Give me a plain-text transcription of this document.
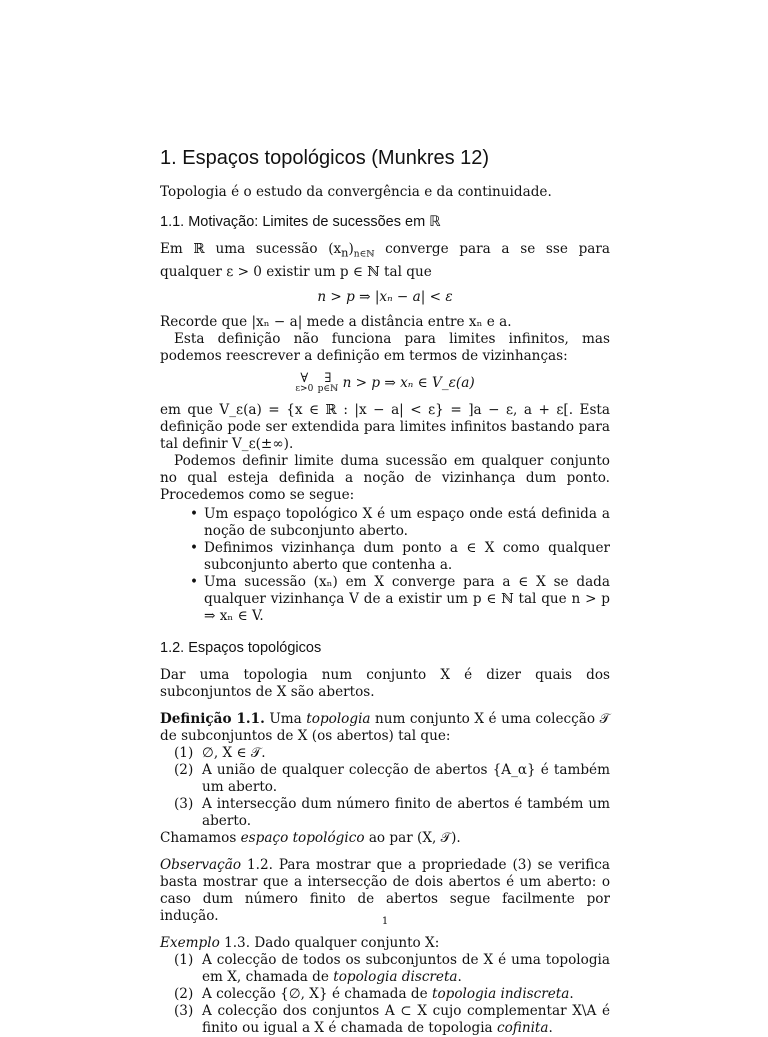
1. Espaços topológicos (Munkres 12)

Topologia é o estudo da convergência e da continuidade.

1.1. Motivação: Limites de sucessões em ℝ

Em ℝ uma sucessão $(x_n)_{n\in ℕ}$ converge para a se sse para qualquer ε > 0 existir um p ∈ ℕ tal que

n > p ⇒ |xₙ − a| < ε

Recorde que |xₙ − a| mede a distância entre xₙ e a.

Esta definição não funciona para limites infinitos, mas podemos reescrever a definição em termos de vizinhanças:

∀
ε>0
∃
p∈ℕ n > p ⇒ xₙ ∈ V_ε(a)

em que V_ε(a) = {x ∈ ℝ : |x − a| < ε} = ]a − ε, a + ε[. Esta definição pode ser extendida para limites infinitos bastando para tal definir V_ε(±∞).

Podemos definir limite duma sucessão em qualquer conjunto no qual esteja definida a noção de vizinhança dum ponto. Procedemos como se segue:

• Um espaço topológico X é um espaço onde está definida a noção de subconjunto aberto.
• Definimos vizinhança dum ponto a ∈ X como qualquer subconjunto aberto que contenha a.
• Uma sucessão (xₙ) em X converge para a ∈ X se dada qualquer vizinhança V de a existir um p ∈ ℕ tal que n > p ⇒ xₙ ∈ V.
1.2. Espaços topológicos

Dar uma topologia num conjunto X é dizer quais dos subconjuntos de X são abertos.

Definição 1.1. Uma topologia num conjunto X é uma colecção 𝒯 de subconjuntos de X (os abertos) tal que:

(1) ∅, X ∈ 𝒯.
(2) A união de qualquer colecção de abertos {A_α} é também um aberto.
(3) A intersecção dum número finito de abertos é também um aberto.

Chamamos espaço topológico ao par (X, 𝒯).

Observação 1.2. Para mostrar que a propriedade (3) se verifica basta mostrar que a intersecção de dois abertos é um aberto: o caso dum número finito de abertos segue facilmente por indução.

Exemplo 1.3. Dado qualquer conjunto X:

(1) A colecção de todos os subconjuntos de X é uma topologia em X, chamada de topologia discreta.
(2) A colecção {∅, X} é chamada de topologia indiscreta.
(3) A colecção dos conjuntos A ⊂ X cujo complementar X\A é finito ou igual a X é chamada de topologia cofinita.
1
